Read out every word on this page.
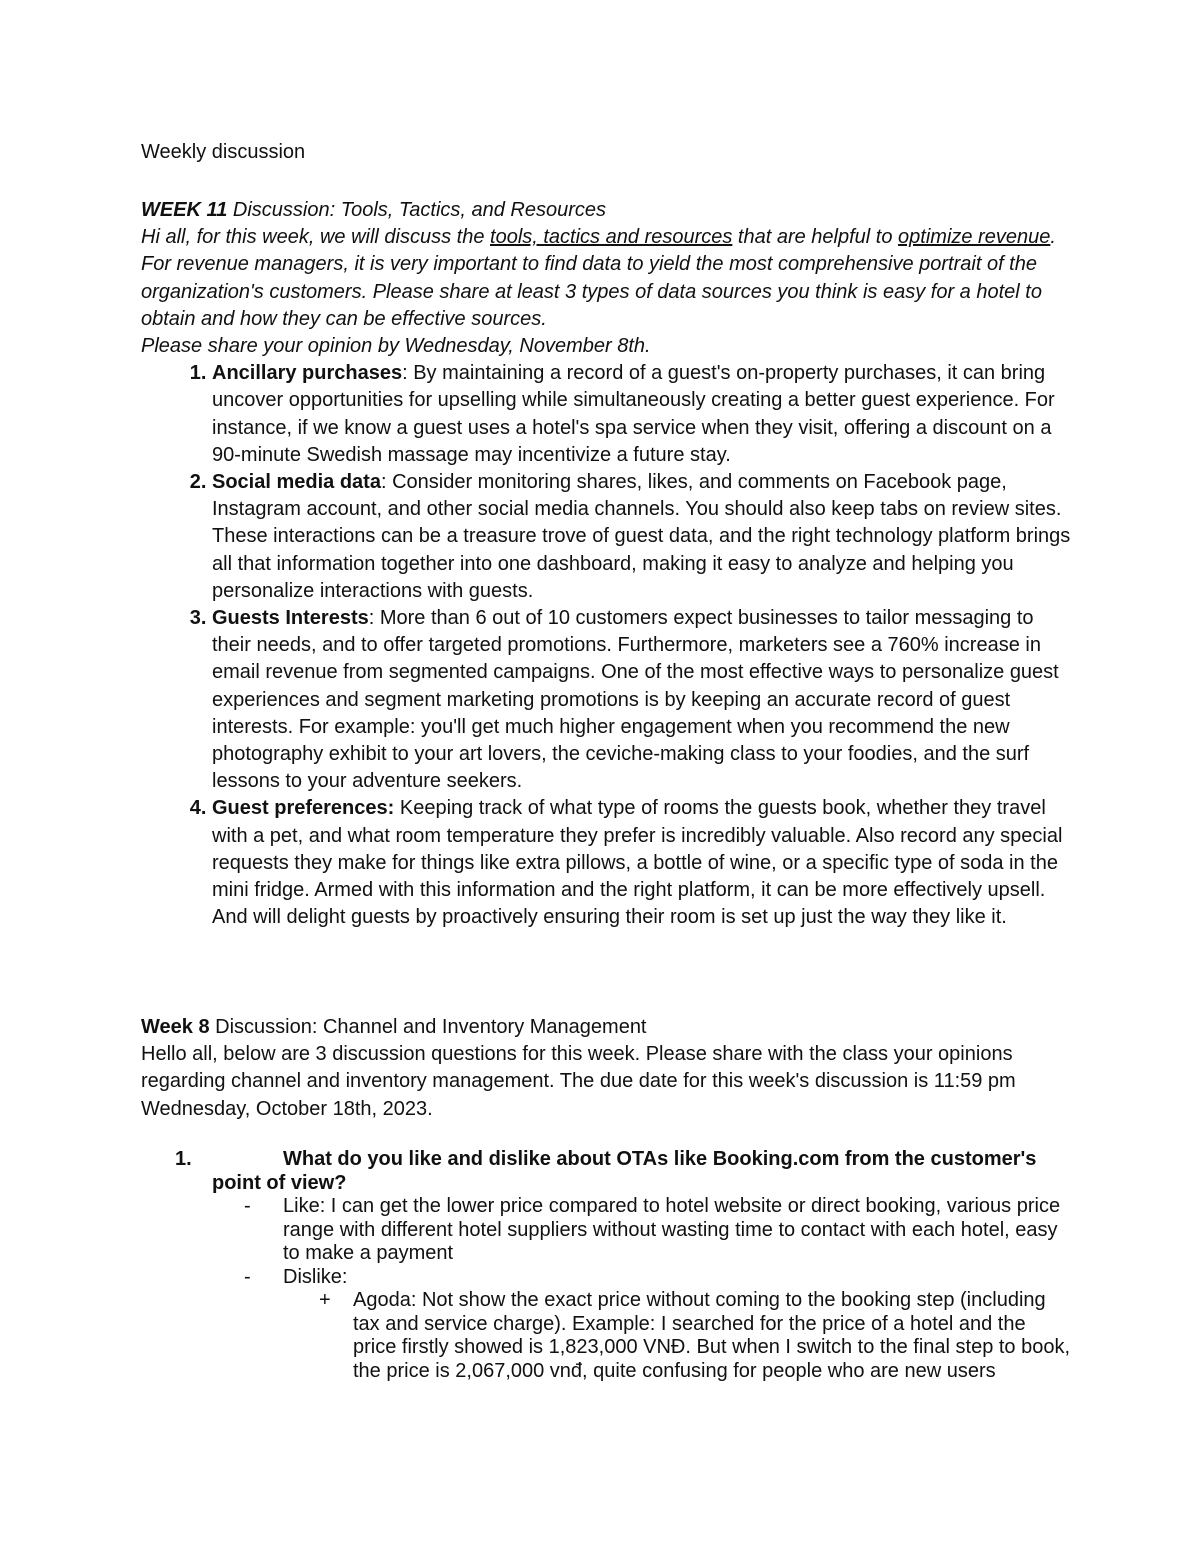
Weekly discussion
WEEK 11 Discussion: Tools, Tactics, and Resources
Hi all, for this week, we will discuss the tools, tactics and resources that are helpful to optimize revenue. For revenue managers, it is very important to find data to yield the most comprehensive portrait of the organization's customers. Please share at least 3 types of data sources you think is easy for a hotel to obtain and how they can be effective sources.
Please share your opinion by Wednesday, November 8th.
1. Ancillary purchases: By maintaining a record of a guest's on-property purchases, it can bring uncover opportunities for upselling while simultaneously creating a better guest experience. For instance, if we know a guest uses a hotel's spa service when they visit, offering a discount on a 90-minute Swedish massage may incentivize a future stay.
2. Social media data: Consider monitoring shares, likes, and comments on Facebook page, Instagram account, and other social media channels. You should also keep tabs on review sites. These interactions can be a treasure trove of guest data, and the right technology platform brings all that information together into one dashboard, making it easy to analyze and helping you personalize interactions with guests.
3. Guests Interests: More than 6 out of 10 customers expect businesses to tailor messaging to their needs, and to offer targeted promotions. Furthermore, marketers see a 760% increase in email revenue from segmented campaigns. One of the most effective ways to personalize guest experiences and segment marketing promotions is by keeping an accurate record of guest interests. For example: you'll get much higher engagement when you recommend the new photography exhibit to your art lovers, the ceviche-making class to your foodies, and the surf lessons to your adventure seekers.
4. Guest preferences: Keeping track of what type of rooms the guests book, whether they travel with a pet, and what room temperature they prefer is incredibly valuable. Also record any special requests they make for things like extra pillows, a bottle of wine, or a specific type of soda in the mini fridge. Armed with this information and the right platform, it can be more effectively upsell. And will delight guests by proactively ensuring their room is set up just the way they like it.
Week 8 Discussion: Channel and Inventory Management
Hello all, below are 3 discussion questions for this week. Please share with the class your opinions regarding channel and inventory management. The due date for this week's discussion is 11:59 pm Wednesday, October 18th, 2023.
1.	What do you like and dislike about OTAs like Booking.com from the customer's point of view?
- Like: I can get the lower price compared to hotel website or direct booking, various price range with different hotel suppliers without wasting time to contact with each hotel, easy to make a payment
- Dislike:
+ Agoda: Not show the exact price without coming to the booking step (including tax and service charge). Example: I searched for the price of a hotel and the price firstly showed is 1,823,000 VNĐ. But when I switch to the final step to book, the price is 2,067,000 vnđ, quite confusing for people who are new users
